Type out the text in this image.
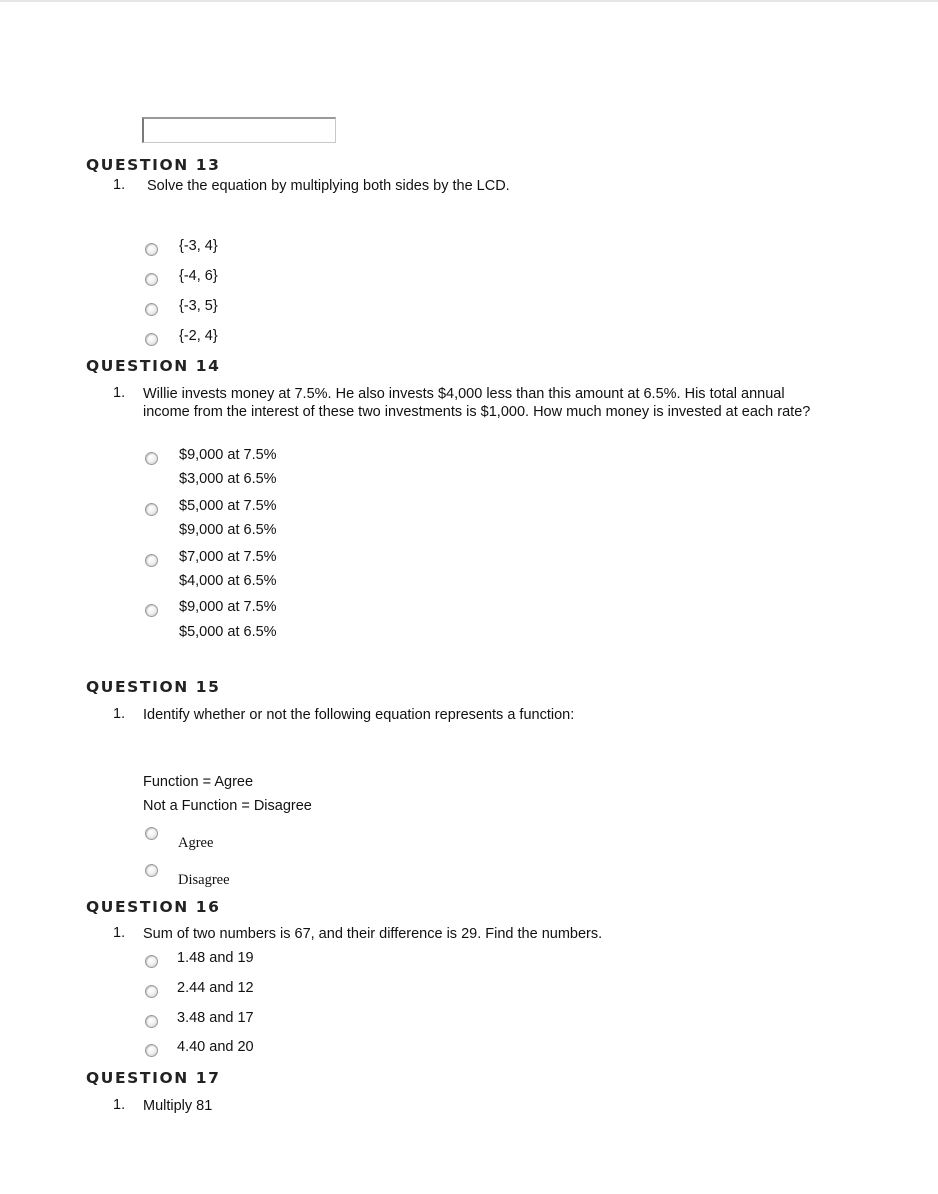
QUESTION 13
1. Solve the equation by multiplying both sides by the LCD.
{-3, 4}
{-4, 6}
{-3, 5}
{-2, 4}
QUESTION 14
1. Willie invests money at 7.5%. He also invests $4,000 less than this amount at 6.5%. His total annual income from the interest of these two investments is $1,000. How much money is invested at each rate?
$9,000 at 7.5%
$3,000 at 6.5%
$5,000 at 7.5%
$9,000 at 6.5%
$7,000 at 7.5%
$4,000 at 6.5%
$9,000 at 7.5%
$5,000 at 6.5%
QUESTION 15
1. Identify whether or not the following equation represents a function:
Function = Agree
Not a Function = Disagree
Agree
Disagree
QUESTION 16
1. Sum of two numbers is 67, and their difference is 29. Find the numbers.
1.48 and 19
2.44 and 12
3.48 and 17
4.40 and 20
QUESTION 17
1. Multiply 81
